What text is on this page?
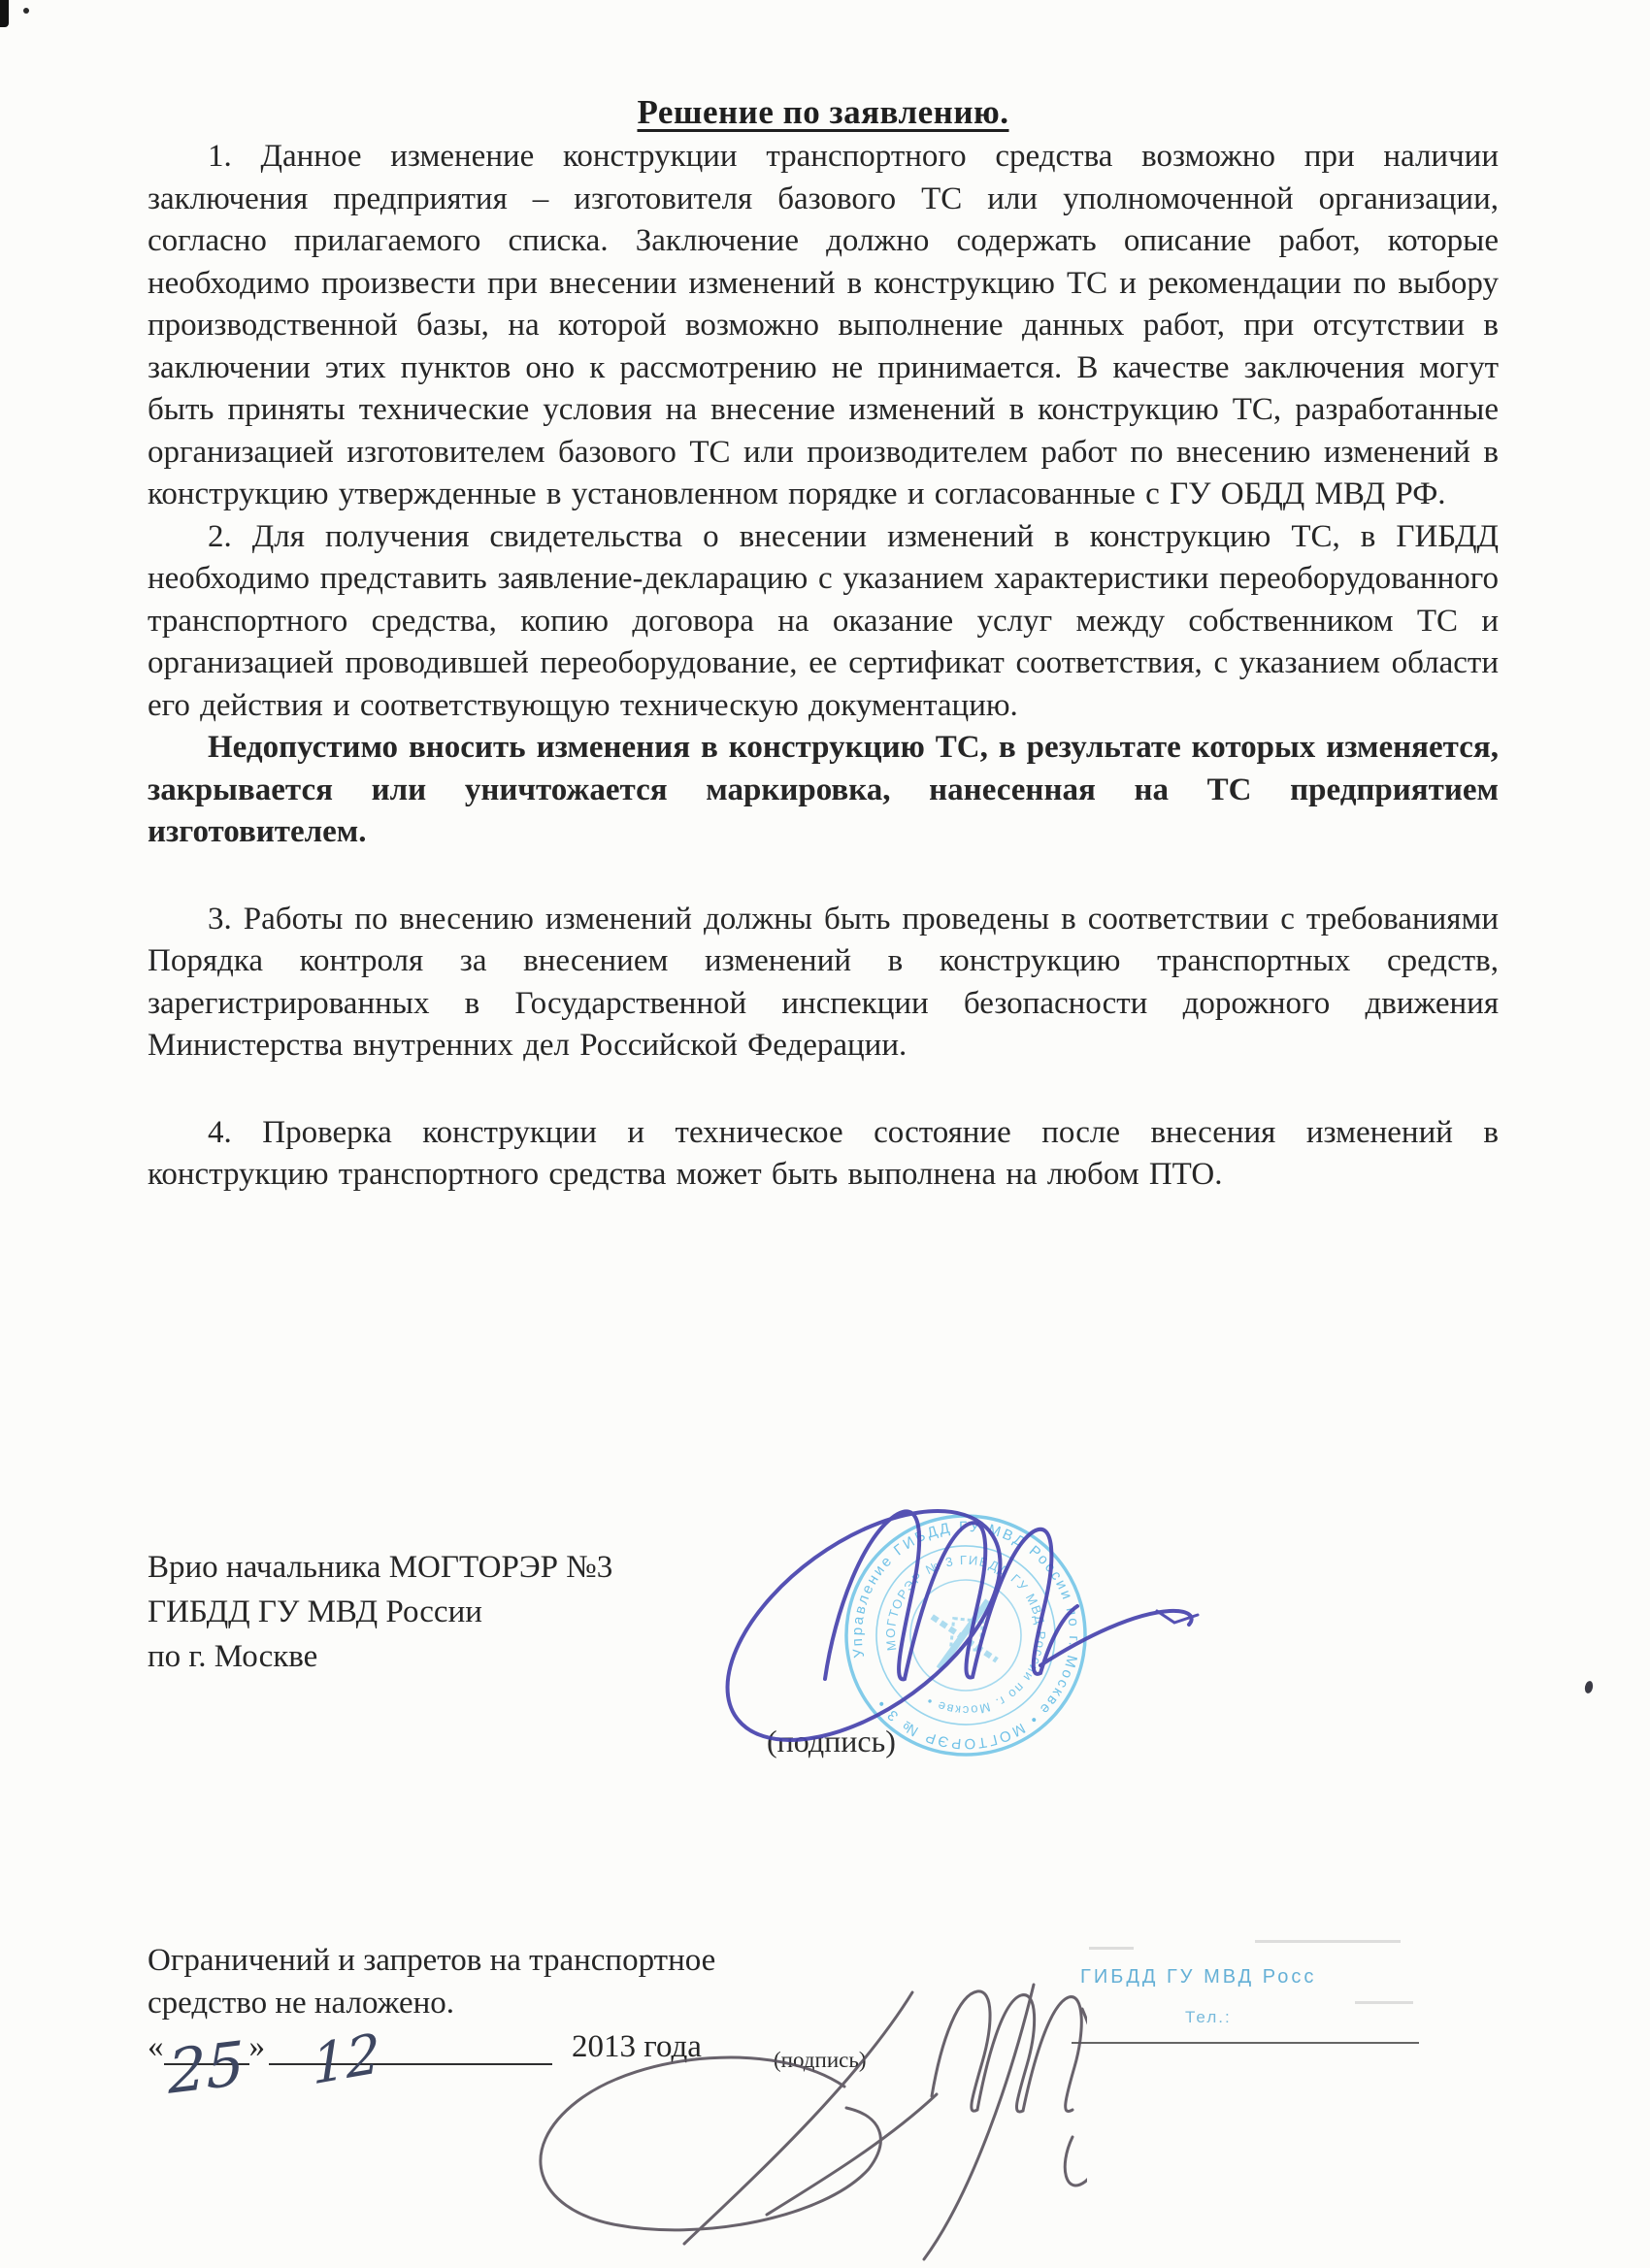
Решение по заявлению.

1. Данное изменение конструкции транспортного средства возможно при наличии заключения предприятия – изготовителя базового ТС или уполномоченной организации, согласно прилагаемого списка. Заключение должно содержать описание работ, которые необходимо произвести при внесении изменений в конструкцию ТС и рекомендации по выбору производственной базы, на которой возможно выполнение данных работ, при отсутствии в заключении этих пунктов оно к рассмотрению не принимается. В качестве заключения могут быть приняты технические условия на внесение изменений в конструкцию ТС, разработанные организацией изготовителем базового ТС или производителем работ по внесению изменений в конструкцию утвержденные в установленном порядке и согласованные с ГУ ОБДД МВД РФ.

2. Для получения свидетельства о внесении изменений в конструкцию ТС, в ГИБДД необходимо представить заявление-декларацию с указанием характеристики переоборудованного транспортного средства, копию договора на оказание услуг между собственником ТС и организацией проводившей переоборудование, ее сертификат соответствия, с указанием области его действия и соответствующую техническую документацию.

Недопустимо вносить изменения в конструкцию ТС, в результате которых изменяется, закрывается или уничтожается маркировка, нанесенная на ТС предприятием изготовителем.

3. Работы по внесению изменений должны быть проведены в соответствии с требованиями Порядка контроля за внесением изменений в конструкцию транспортных средств, зарегистрированных в Государственной инспекции безопасности дорожного движения Министерства внутренних дел Российской Федерации.

4. Проверка конструкции и техническое состояние после внесения изменений в конструкцию транспортного средства может быть выполнена на любом ПТО.

Врио начальника МОГТОРЭР №3
ГИБДД ГУ МВД России
по г. Москве
(подпись)
Управление ГИБДД ГУ МВД России по г. Москве • МОГТОРЭР № 3 •
МОГТОРЭР № 3 ГИБДД ГУ МВД России по г. Москве •
Ограничений и запретов на транспортное
средство не наложено.
«25 » 12	2013 года	(подпись)
ГИБДД ГУ МВД Росс
Тел.:
